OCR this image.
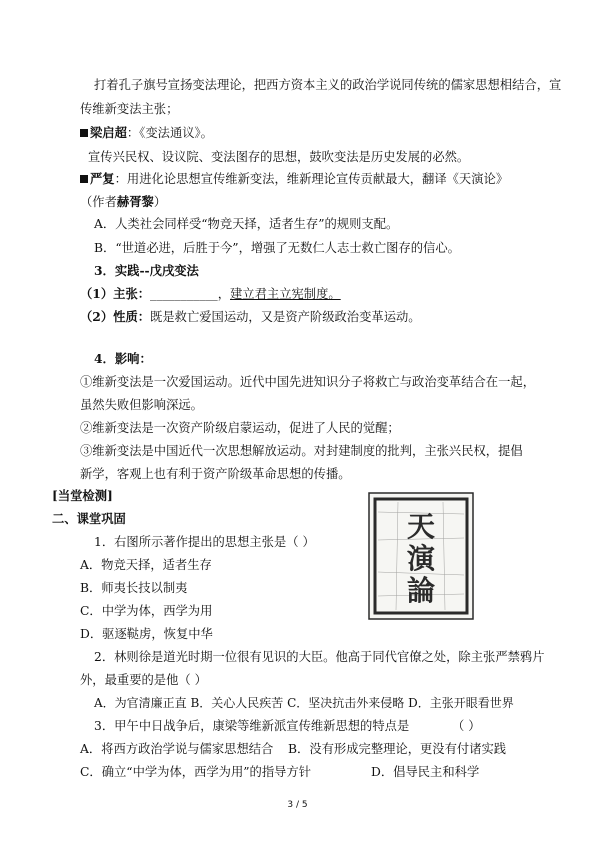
打着孔子旗号宣扬变法理论，把西方资本主义的政治学说同传统的儒家思想相结合，宣
传维新变法主张；
梁启超：《变法通议》。
宣传兴民权、设议院、变法图存的思想，鼓吹变法是历史发展的必然。
严复：用进化论思想宣传维新变法，维新理论宣传贡献最大，翻译《天演论》
（作者赫胥黎）
A．人类社会同样受“物竞天择，适者生存”的规则支配。
B．“世道必进，后胜于今”，增强了无数仁人志士救亡图存的信心。
3．实践--戊戌变法
（1）主张：___________，建立君主立宪制度。
（2）性质：既是救亡爱国运动，又是资产阶级政治变革运动。
4．影响：
①维新变法是一次爱国运动。近代中国先进知识分子将救亡与政治变革结合在一起，
虽然失败但影响深远。
②维新变法是一次资产阶级启蒙运动，促进了人民的觉醒；
③维新变法是中国近代一次思想解放运动。对封建制度的批判，主张兴民权，提倡
新学，客观上也有利于资产阶级革命思想的传播。
[当堂检测]
二、课堂巩固
1．右图所示著作提出的思想主张是（ ）
A．物竞天择，适者生存
B．师夷长技以制夷
C．中学为体，西学为用
D．驱逐鞑虏，恢复中华
天
演
論
2．林则徐是道光时期一位很有见识的大臣。他高于同代官僚之处，除主张严禁鸦片
外，最重要的是他（ ）
A．为官清廉正直 B．关心人民疾苦 C．坚决抗击外来侵略 D．主张开眼看世界
3．甲午中日战争后，康梁等维新派宣传维新思想的特点是	（ ）
A．将西方政治学说与儒家思想结合 B．没有形成完整理论，更没有付诸实践
C．确立“中学为体，西学为用”的指导方针	D．倡导民主和科学
3 / 5
